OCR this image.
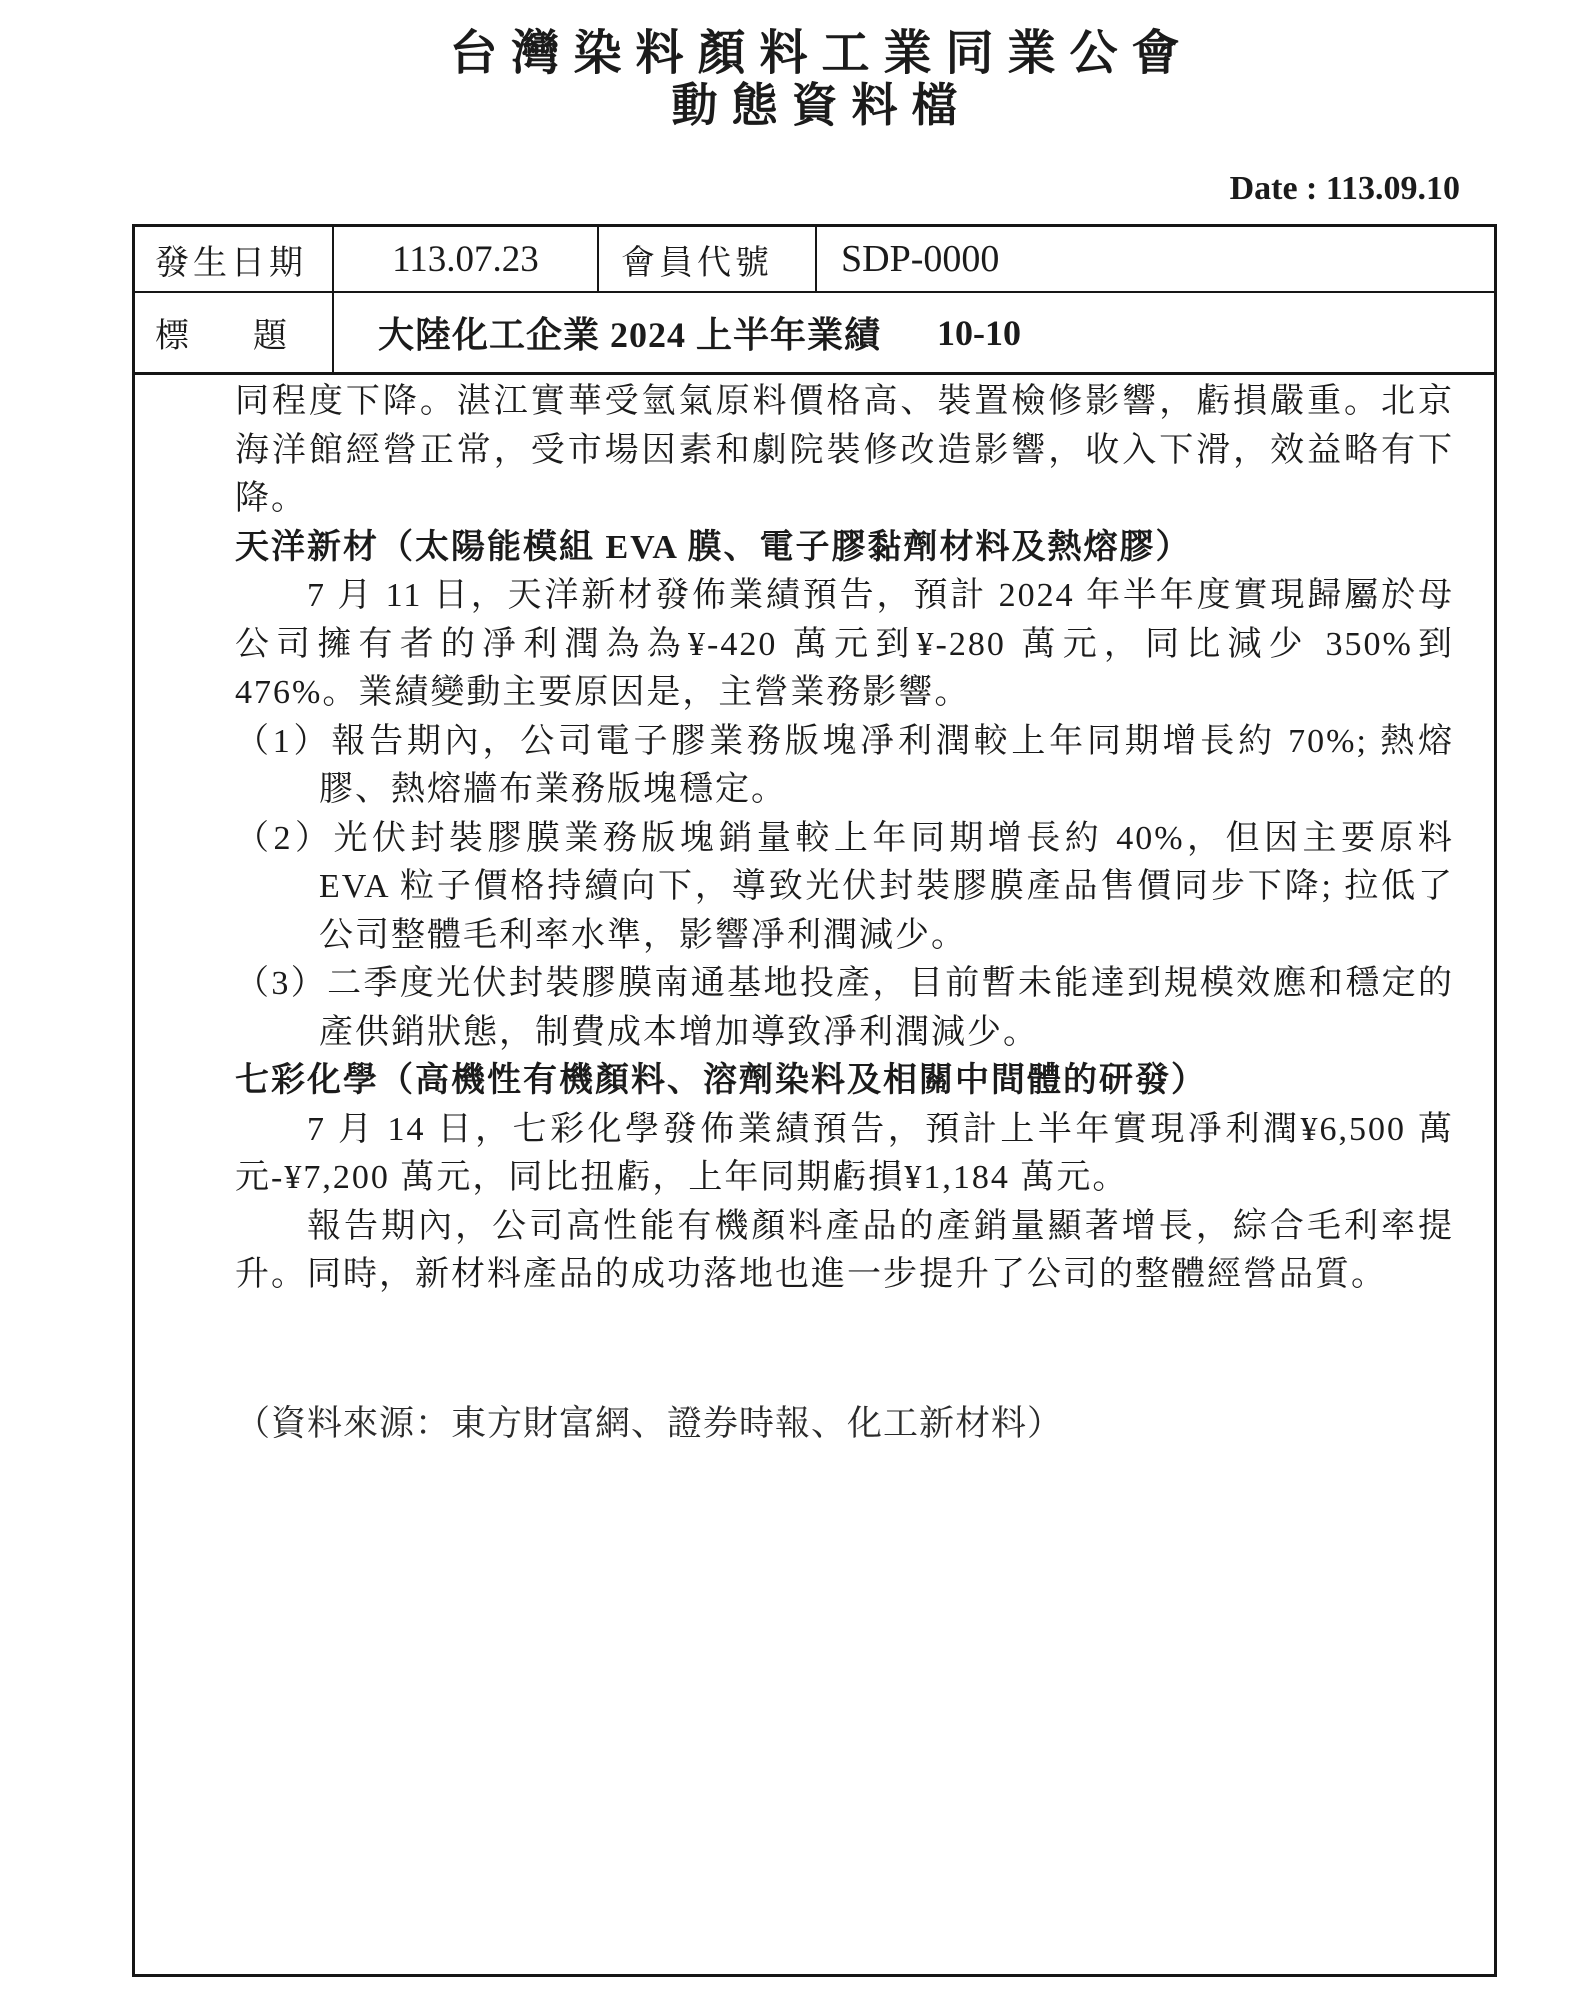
台灣染料顏料工業同業公會
動態資料檔
Date : 113.09.10
發生日期	113.07.23	會員代號	SDP-0000
標　題	大陸化工企業 2024 上半年業績 10-10
同程度下降。湛江實華受氫氣原料價格高、裝置檢修影響，虧損嚴重。北京海洋館經營正常，受市場因素和劇院裝修改造影響，收入下滑，效益略有下降。
天洋新材（太陽能模組 EVA 膜、電子膠黏劑材料及熱熔膠）
7 月 11 日，天洋新材發佈業績預告，預計 2024 年半年度實現歸屬於母公司擁有者的凈利潤為為¥-420 萬元到¥-280 萬元，同比減少 350%到 476%。業績變動主要原因是，主營業務影響。
（1）報告期內，公司電子膠業務版塊凈利潤較上年同期增長約 70%; 熱熔膠、熱熔牆布業務版塊穩定。
（2）光伏封裝膠膜業務版塊銷量較上年同期增長約 40%，但因主要原料 EVA 粒子價格持續向下，導致光伏封裝膠膜產品售價同步下降; 拉低了公司整體毛利率水準，影響凈利潤減少。
（3）二季度光伏封裝膠膜南通基地投產，目前暫未能達到規模效應和穩定的產供銷狀態，制費成本增加導致凈利潤減少。
七彩化學（高機性有機顏料、溶劑染料及相關中間體的研發）
7 月 14 日，七彩化學發佈業績預告，預計上半年實現凈利潤¥6,500 萬元-¥7,200 萬元，同比扭虧，上年同期虧損¥1,184 萬元。
報告期內，公司高性能有機顏料產品的產銷量顯著增長，綜合毛利率提升。同時，新材料產品的成功落地也進一步提升了公司的整體經營品質。
（資料來源：東方財富網、證券時報、化工新材料）
